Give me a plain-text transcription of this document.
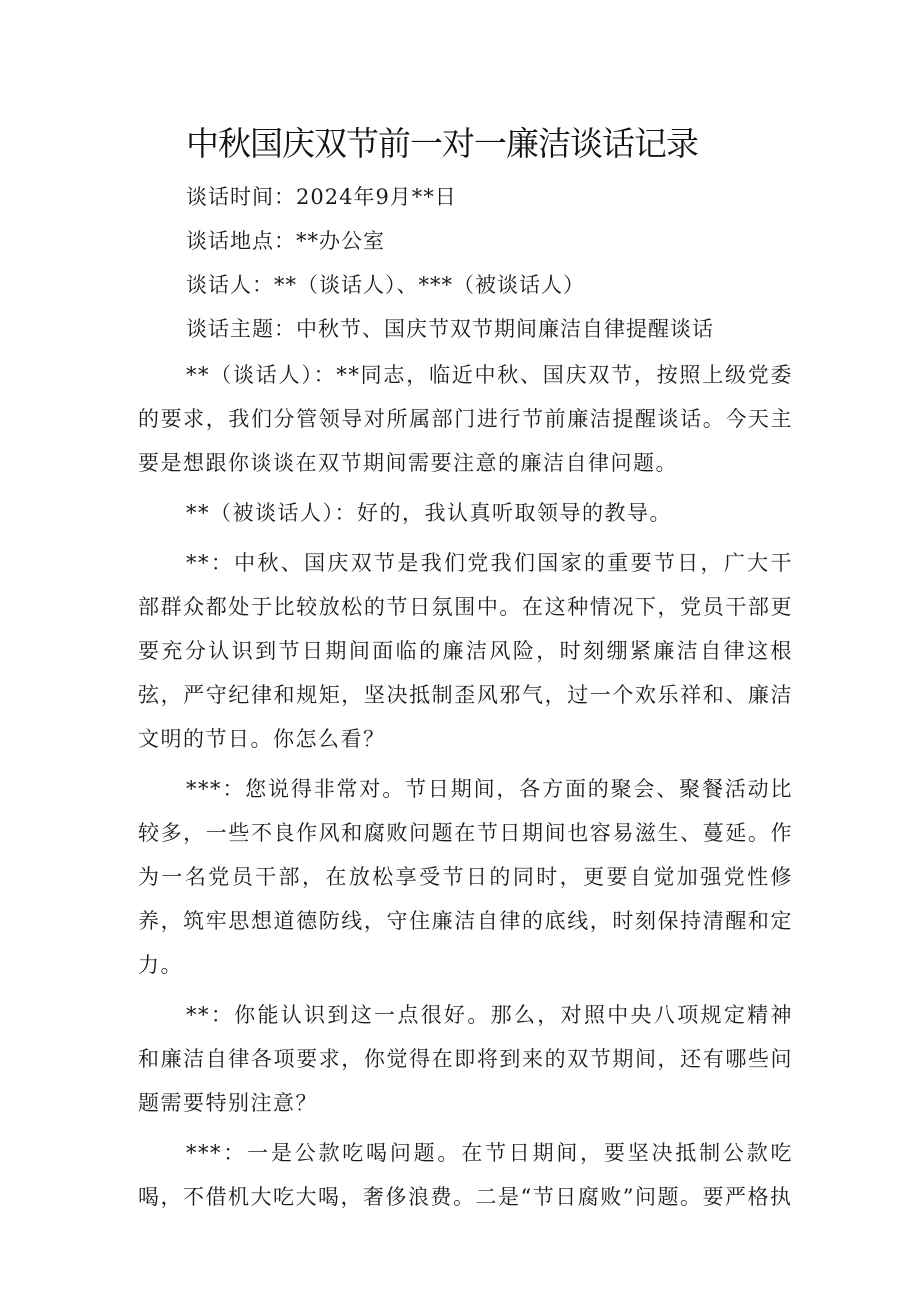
中秋国庆双节前一对一廉洁谈话记录

谈话时间：2024年9月**日

谈话地点：**办公室

谈话人：**（谈话人）、***（被谈话人）

谈话主题：中秋节、国庆节双节期间廉洁自律提醒谈话

**（谈话人）：**同志，临近中秋、国庆双节，按照上级党委的要求，我们分管领导对所属部门进行节前廉洁提醒谈话。今天主要是想跟你谈谈在双节期间需要注意的廉洁自律问题。

**（被谈话人）：好的，我认真听取领导的教导。

**：中秋、国庆双节是我们党我们国家的重要节日，广大干部群众都处于比较放松的节日氛围中。在这种情况下，党员干部更要充分认识到节日期间面临的廉洁风险，时刻绷紧廉洁自律这根弦，严守纪律和规矩，坚决抵制歪风邪气，过一个欢乐祥和、廉洁文明的节日。你怎么看？

***：您说得非常对。节日期间，各方面的聚会、聚餐活动比较多，一些不良作风和腐败问题在节日期间也容易滋生、蔓延。作为一名党员干部，在放松享受节日的同时，更要自觉加强党性修养，筑牢思想道德防线，守住廉洁自律的底线，时刻保持清醒和定力。

**：你能认识到这一点很好。那么，对照中央八项规定精神和廉洁自律各项要求，你觉得在即将到来的双节期间，还有哪些问题需要特别注意？

***：一是公款吃喝问题。在节日期间，要坚决抵制公款吃喝，不借机大吃大喝，奢侈浪费。二是“节日腐败”问题。要严格执
